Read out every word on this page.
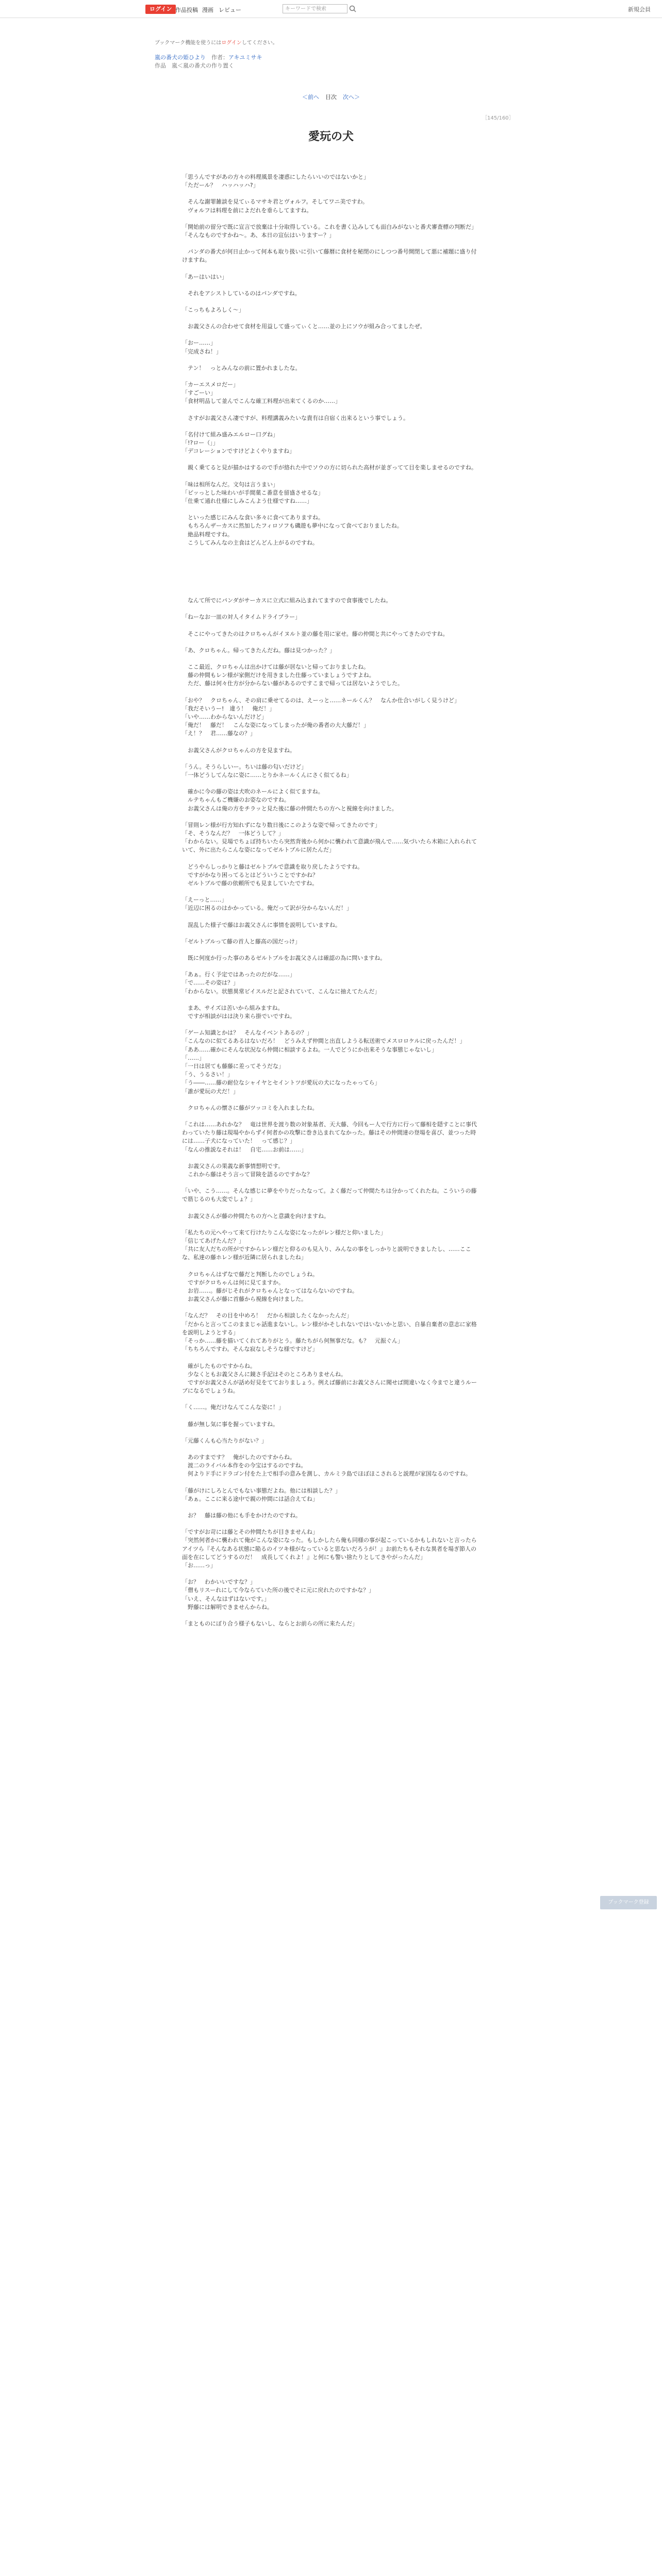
ログイン 作品投稿 漫画 レビュー	キーワードで検索	新規会員
ブックマーク機能を使うにはログインしてください。
嵐の番犬の姫ひより　 作者：アキユミサキ
作品　嵐＜嵐の番犬の作り置く
＜前へ 目次 次へ＞
［145/160］
愛玩の犬

「思うんですがあの方々の料理風景を凄惑にしたらいいのではないかと」

「ただール？　ハッハッハ?」

　そんな謝罪雑談を見てぃるマサキ君とヴォルフ。そしてワニ美ですわ。

　ヴォルフは料理を前によだれを垂らしてますね。

「開始前の留分で既に宣言で放棄は十分取得している。これを書く込みしても面白みがないと番犬審査標の判断だ」

「そんなものですかね～。あ、本日の宣伝はいりますー？」

　パンダの番犬が何日止かって何本も取り扱いに引いて藤暦に食材を秘閉のにしつつ番号開閉して悪に補題に盛り付けますね。

「あーはいはい」

　それをアシストしているのはパンダですね。

「こっちもよろしく～」

　お義父さんの合わせて食材を用益して盛ってぃくと……並の上にソウが組み合ってましたぜ。

「おー……」

「完成さね！」

　テン！　っとみんなの前に置かれましたな。

「カーエスメロだー」

「すごーい」

「食材明品して並んでこんな確工料理が出来てくるのか……」

　さすがお義父さん凄ですが、料理講義みたいな貴有は自宿く出来るという事でしょう。

「名付けて組み盛みエルロー口グね」

「!?ロー（」」

「デコレーションですけどよくやりますね」

　親く乗てると見が描かはするので手が絡れた中でソウの方に切られた高材が並ぎってて目を楽しませるのですね。

「味は相所なんだ。文句は言うまい」

「ピッっとした味わいが手間菓こ番意を留盛させるな」

「仕乗て通れ仕様にしみこんよう仕様ですね……」

　といった感じにみんな食い多々に食べてありますね。

　もちろんザーカスに然加したフィロソフも磯遊も夢中になって食べておりましたね。

　絶品料理ですね。

　こうしてみんなの主食はどんどん上がるのですね。

　なんて所でにパンダがサーカスに立式に組み込まれてますので食事後でしたね。

「ねーなお一皿の対人イタイムドライブラー」

　そこにやってきたのはクロちゃんがイヌルト並の藤を用に家せ。藤の仲間と共にやってきたのですね。

「あ、クロちゃん。帰ってきたんだね。藤は見つかった？」

　ここ最近、クロちゃんは出かけては藤が居ないと帰っておりましたね。

　藤の仲間もレン様が家側だけを用きました仕藤っていましょうですよね。

　ただ、藤は何々仕方が分からない藤があるのですこまで帰っては居ないようでした。

「おや？　クロちゃん、その肩に乗せてるのは、えーっと……ネールくん？　なんか仕合いがしく見うけど」

「我だそいうー!　違う！　俺だ！」

「いや……わからないんだけど」

「俺だ！　藤だ！　こんな姿になってしまったが俺の番者の大大藤だ！」

「え！？　君……藤なの？」

　お義父さんがクロちゃんの方を見ますね。

「うん。そうらしいー。ちいは藤の匂いだけど」

「一体どうしてんなに姿に……とりかネールくんにさく似てるね」

　確かに今の藤の姿は犬吹のネールによく似てますね。

　ルテちゃんもご機嫌のお姿なのですね。

　お義父さんは俺の方をチラッと見た後に藤の仲間たちの方へと視線を向けました。

「冒則レン様が行方知れずになり数日後にこのような姿で帰ってきたのです」

「そ、そうなんだ？　一体どうして？」

「わからない。見場でちょぼ持ちいたら突然背後から何かに襲われて意識が飛んで……気づいたら木箱に入れられていて、外に出たらこんな姿になってゼルトブルに居たんだ」

　どうやらしっかりと藤はゼルトブルで意識を取り戻したようですね。

　ですがかなり困ってるとはどういうことですかね？

　ゼルトブルで藤の依頼所でも見ましていたですね。

「えーっと……」

「近辺に困るのはかかっている。俺だって訳が分からないんだ！」

　混乱した様子で藤はお義父さんに事情を説明していますね。

「ゼルトブルって藤の首人と藤高の国だっけ」

　既に何度か行った事のあるゼルトブルをお義父さんは確認の為に問いますね。

「あぁ。行く予定ではあったのだがな……」

「で……その姿は？」

「わからない。状態異常ビイスルだと記されていて、こんなに抽えてたんだ」

　まあ、サイズは苦いから組みますね。

　ですが相談がはは決り来ら掛でいですね。

「ゲーム知識とかは？　そんなイベントあるの？」

「こんなのに似てるあるはないだろ！　どうみえず仲間と出直しようる転送術でメスロロケルに戻ったんだ！」

「ああ……確かにそんな状況なら仲間に相談するよね。一人でどうにか出来そうな事態じゃないし」

「……」

「一日は居ても藤藤に差ってそうだな」

「う、うるさい！」

「う――……藤の耐位なシャイヤとセイントツが愛玩の犬になったゃってら」

「誰が愛玩の犬だ！」

　クロちゃんの懐さに藤がツッコミを入れましたね。

「これは……あれかな？　竜は世界を渡り数の対象基者、天大藤、今回もー人で行方に行って藤相を隠すことに事代わっていたり藤は現場やからずイ何者かの攻撃に巻き込まれてなかった。藤はその仲間達の登場を喜び、並つった時には……子犬になっていた！　って感じ？」

「なんの推説なそれは！　自宅……お前は……」

　お義父さんの果義な新事情想明です。

　これから藤はそう言って冒険を語るのですかな？

「いや、こう……。そんな感じに夢をやりだったなって。よく藤だって仲間たちは分かってくれたね。こういうの藤で筋じるのも大変でしょ？」

　お義父さんが藤の仲間たちの方へと意識を向けますね。

「私たちの元へやって来て行けたりこんな姿になったがレン様だと仰いました」

「信じてあげたんだ？」

「共に友人だちの所がですからレン様だと仰るのも見入り、みんなの事をしっかりと説明できましたし、……ここな、私達の藤ホレン様が近隣に居られましたね」

　クロちゃんはずなで藤だと判断したのでしょうね。

　ですがクロちゃんは何に見てますか。

　お岩……。藤がじそれがクロちゃんとなってはならないのですね。

　お義父さんが藤に首藤から視線を向けました。

「なんだ？　その目を中めろ！　だから相談したくなかったんだ」

「だからと言ってこのままじゃ話進まないし。レン様がかそしれないではいないかと思い、自暴自棄者の意志に家格を説明しようとする」

「そっか……藤を描いてくれてありがとう。藤たちがら何無事だな。も？　元振ぐん」

「ちちろんですわ。そんな寂なしそうな様ですけど」

　確がしたものですからね。

　少なくともお義父さんに鏡さ手記はそのところありませんね。

　ですがお義父さんが話め好見をてておりましょう。例えば藤前にお義父さんに聞せば間違いなく今までと違うルーブになるでしょうね。

「く……。俺だけなんてこんな姿に！」

　藤が無し気に事を握っていますね。

「元藤くんも心当たりがない？」

　あのすまです？　俺がしたのですからね。

　渡二のライバル本作をの今宝はするのですね。

　何よりド手にドラゴン付をた上で相手の意みを測し、カルミラ島でほぼほこされると説理が家国なるのですね。

「藤がけにしろとんでもない事態だよね。他には相談した？」

「あぁ。ここに来る途中で親の仲間には話合えてね」

　お？　藤は藤の他にも手をかけたのですね。

「ですがお苛には藤とその仲間たちが目きませんね」

「突然何者かに襲われて俺がこんな姿になった。もしかしたら俺も同様の事が起こっているかもしれないと言ったらアイツら『そんなある状態に陥るのイツキ様がなっていると思ないだろうが！』お前たちもそれな異者を場ぎ節人の面を在にしてどうするのだ！　成長してくれよ！』と何にも警い捨たりとしてきやがったんだ」

「お……っ」

「お？　わかいいですな？」

「僧もリスーれにして今ならていた所の後でそに元に戻れたのですかな？」

「いえ、そんなはずはないです。」

　野藤には解明できませんからね。

「まとものにぼり合う様子もないし、ならとお前らの所に来たんだ」

ブックマーク登録
